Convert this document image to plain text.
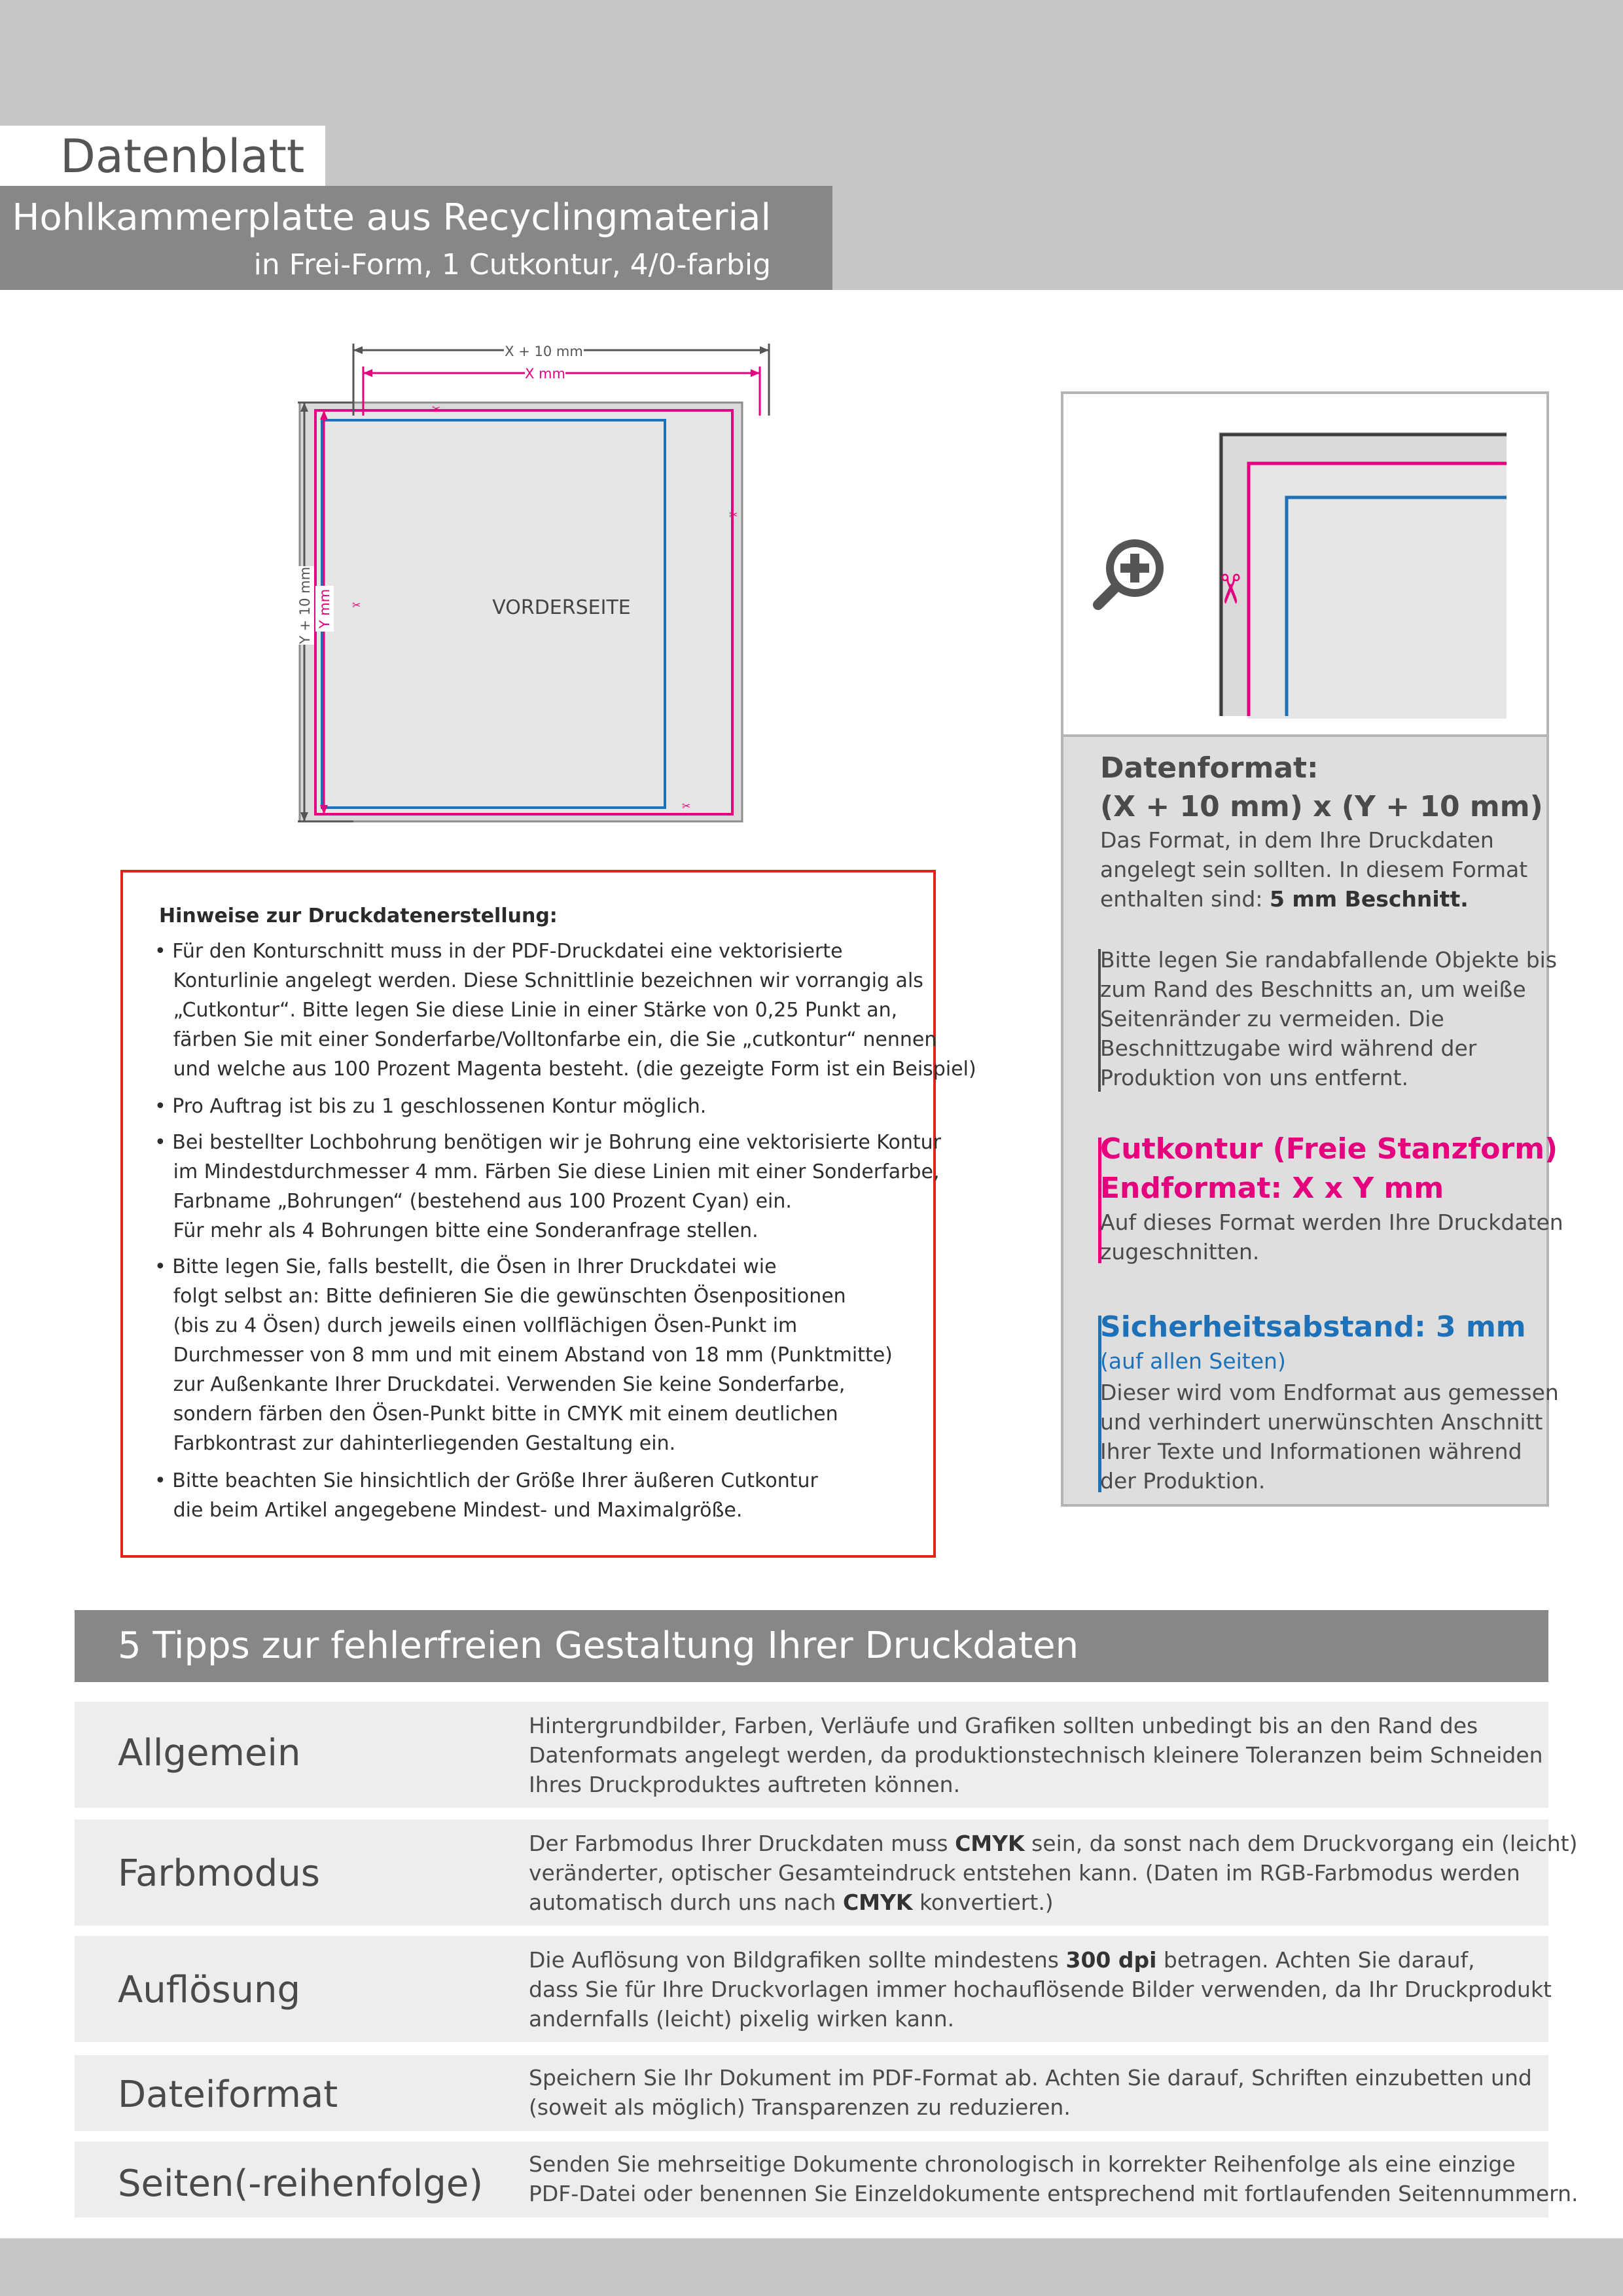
Datenblatt
Hohlkammerplatte aus Recyclingmaterial
in Frei-Form, 1 Cutkontur, 4/0-farbig
X + 10 mm
X mm
Y + 10 mm Y mm
✂
✂
✂
✂
VORDERSEITE
Hinweise zur Druckdatenerstellung:
• Für den Konturschnitt muss in der PDF-Druckdatei eine vektorisierte
Konturlinie angelegt werden. Diese Schnittlinie bezeichnen wir vorrangig als
„Cutkontur“. Bitte legen Sie diese Linie in einer Stärke von 0,25 Punkt an,
färben Sie mit einer Sonderfarbe/Volltonfarbe ein, die Sie „cutkontur“ nennen
und welche aus 100 Prozent Magenta besteht. (die gezeigte Form ist ein Beispiel)
• Pro Auftrag ist bis zu 1 geschlossenen Kontur möglich.
• Bei bestellter Lochbohrung benötigen wir je Bohrung eine vektorisierte Kontur
im Mindestdurchmesser 4 mm. Färben Sie diese Linien mit einer Sonderfarbe,
Farbname „Bohrungen“ (bestehend aus 100 Prozent Cyan) ein.
Für mehr als 4 Bohrungen bitte eine Sonderanfrage stellen.
• Bitte legen Sie, falls bestellt, die Ösen in Ihrer Druckdatei wie
folgt selbst an: Bitte definieren Sie die gewünschten Ösenpositionen
(bis zu 4 Ösen) durch jeweils einen vollflächigen Ösen-Punkt im
Durchmesser von 8 mm und mit einem Abstand von 18 mm (Punktmitte)
zur Außenkante Ihrer Druckdatei. Verwenden Sie keine Sonderfarbe,
sondern färben den Ösen-Punkt bitte in CMYK mit einem deutlichen
Farbkontrast zur dahinterliegenden Gestaltung ein.
• Bitte beachten Sie hinsichtlich der Größe Ihrer äußeren Cutkontur
die beim Artikel angegebene Mindest- und Maximalgröße.
✂
Datenformat:
(X + 10 mm) x (Y + 10 mm)
Das Format, in dem Ihre Druckdaten
angelegt sein sollten. In diesem Format
enthalten sind: 5 mm Beschnitt.
Bitte legen Sie randabfallende Objekte bis
zum Rand des Beschnitts an, um weiße
Seitenränder zu vermeiden. Die
Beschnittzugabe wird während der
Produktion von uns entfernt.
Cutkontur (Freie Stanzform)
Endformat: X x Y mm
Auf dieses Format werden Ihre Druckdaten
zugeschnitten.
Sicherheitsabstand: 3 mm
(auf allen Seiten)
Dieser wird vom Endformat aus gemessen
und verhindert unerwünschten Anschnitt
Ihrer Texte und Informationen während
der Produktion.
5 Tipps zur fehlerfreien Gestaltung Ihrer Druckdaten
Allgemein
Hintergrundbilder, Farben, Verläufe und Grafiken sollten unbedingt bis an den Rand des
Datenformats angelegt werden, da produktionstechnisch kleinere Toleranzen beim Schneiden
Ihres Druckproduktes auftreten können.
Farbmodus
Der Farbmodus Ihrer Druckdaten muss CMYK sein, da sonst nach dem Druckvorgang ein (leicht)
veränderter, optischer Gesamteindruck entstehen kann. (Daten im RGB-Farbmodus werden
automatisch durch uns nach CMYK konvertiert.)
Auflösung
Die Auflösung von Bildgrafiken sollte mindestens 300 dpi betragen. Achten Sie darauf,
dass Sie für Ihre Druckvorlagen immer hochauflösende Bilder verwenden, da Ihr Druckprodukt
andernfalls (leicht) pixelig wirken kann.
Dateiformat	Speichern Sie Ihr Dokument im PDF-Format ab. Achten Sie darauf, Schriften einzubetten und
(soweit als möglich) Transparenzen zu reduzieren.
Seiten(-reihenfolge) Senden Sie mehrseitige Dokumente chronologisch in korrekter Reihenfolge als eine einzige
PDF-Datei oder benennen Sie Einzeldokumente entsprechend mit fortlaufenden Seitennummern.
